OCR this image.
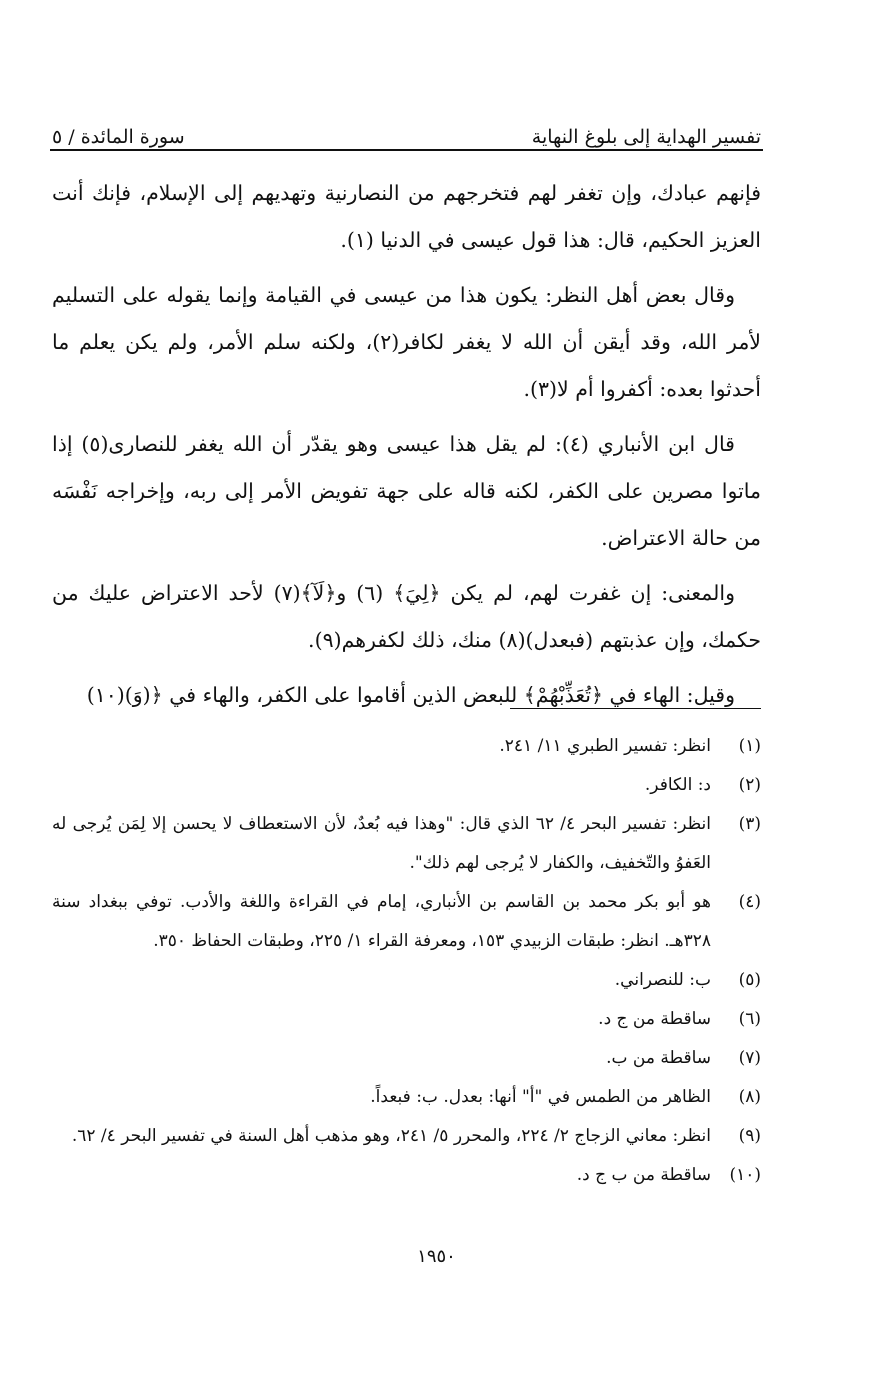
تفسير الهداية إلى بلوغ النهاية
سورة المائدة / ٥

فإنهم عبادك، وإن تغفر لهم فتخرجهم من النصارنية وتهديهم إلى الإسلام، فإنك أنت العزيز الحكيم، قال: هذا قول عيسى في الدنيا (١).

وقال بعض أهل النظر: يكون هذا من عيسى في القيامة وإنما يقوله على التسليم لأمر الله، وقد أيقن أن الله لا يغفر لكافر(٢)، ولكنه سلم الأمر، ولم يكن يعلم ما أحدثوا بعده: أكفروا أم لا(٣).

قال ابن الأنباري (٤): لم يقل هذا عيسى وهو يقدّر أن الله يغفر للنصارى(٥) إذا ماتوا مصرين على الكفر، لكنه قاله على جهة تفويض الأمر إلى ربه، وإخراجه نَفْسَه من حالة الاعتراض.

والمعنى: إن غفرت لهم، لم يكن ﴿لِيَ﴾ (٦) و﴿لَآ﴾(٧) لأحد الاعتراض عليك من حكمك، وإن عذبتهم (فبعدل)(٨) منك، ذلك لكفرهم(٩).

وقيل: الهاء في ﴿تُعَذِّبْهُمْ﴾ للبعض الذين أقاموا على الكفر، والهاء في ﴿(وَ)(١٠)

(١)
انظر: تفسير الطبري ١١/ ٢٤١.
(٢)
د: الكافر.
(٣)
انظر: تفسير البحر ٤/ ٦٢ الذي قال: "وهذا فيه بُعدٌ، لأن الاستعطاف لا يحسن إلا لِمَن يُرجى له العَفوُ والتّخفيف، والكفار لا يُرجى لهم ذلك".
(٤)
هو أبو بكر محمد بن القاسم بن الأنباري، إمام في القراءة واللغة والأدب. توفي ببغداد سنة ٣٢٨هـ. انظر: طبقات الزبيدي ١٥٣، ومعرفة القراء ١/ ٢٢٥، وطبقات الحفاظ ٣٥٠.
(٥)
ب: للنصراني.
(٦)
ساقطة من ج د.
(٧)
ساقطة من ب.
(٨)
الظاهر من الطمس في "أ" أنها: بعدل. ب: فبعداً.
(٩)
انظر: معاني الزجاج ٢/ ٢٢٤، والمحرر ٥/ ٢٤١، وهو مذهب أهل السنة في تفسير البحر ٤/ ٦٢.
(١٠)
ساقطة من ب ج د.
١٩٥٠
